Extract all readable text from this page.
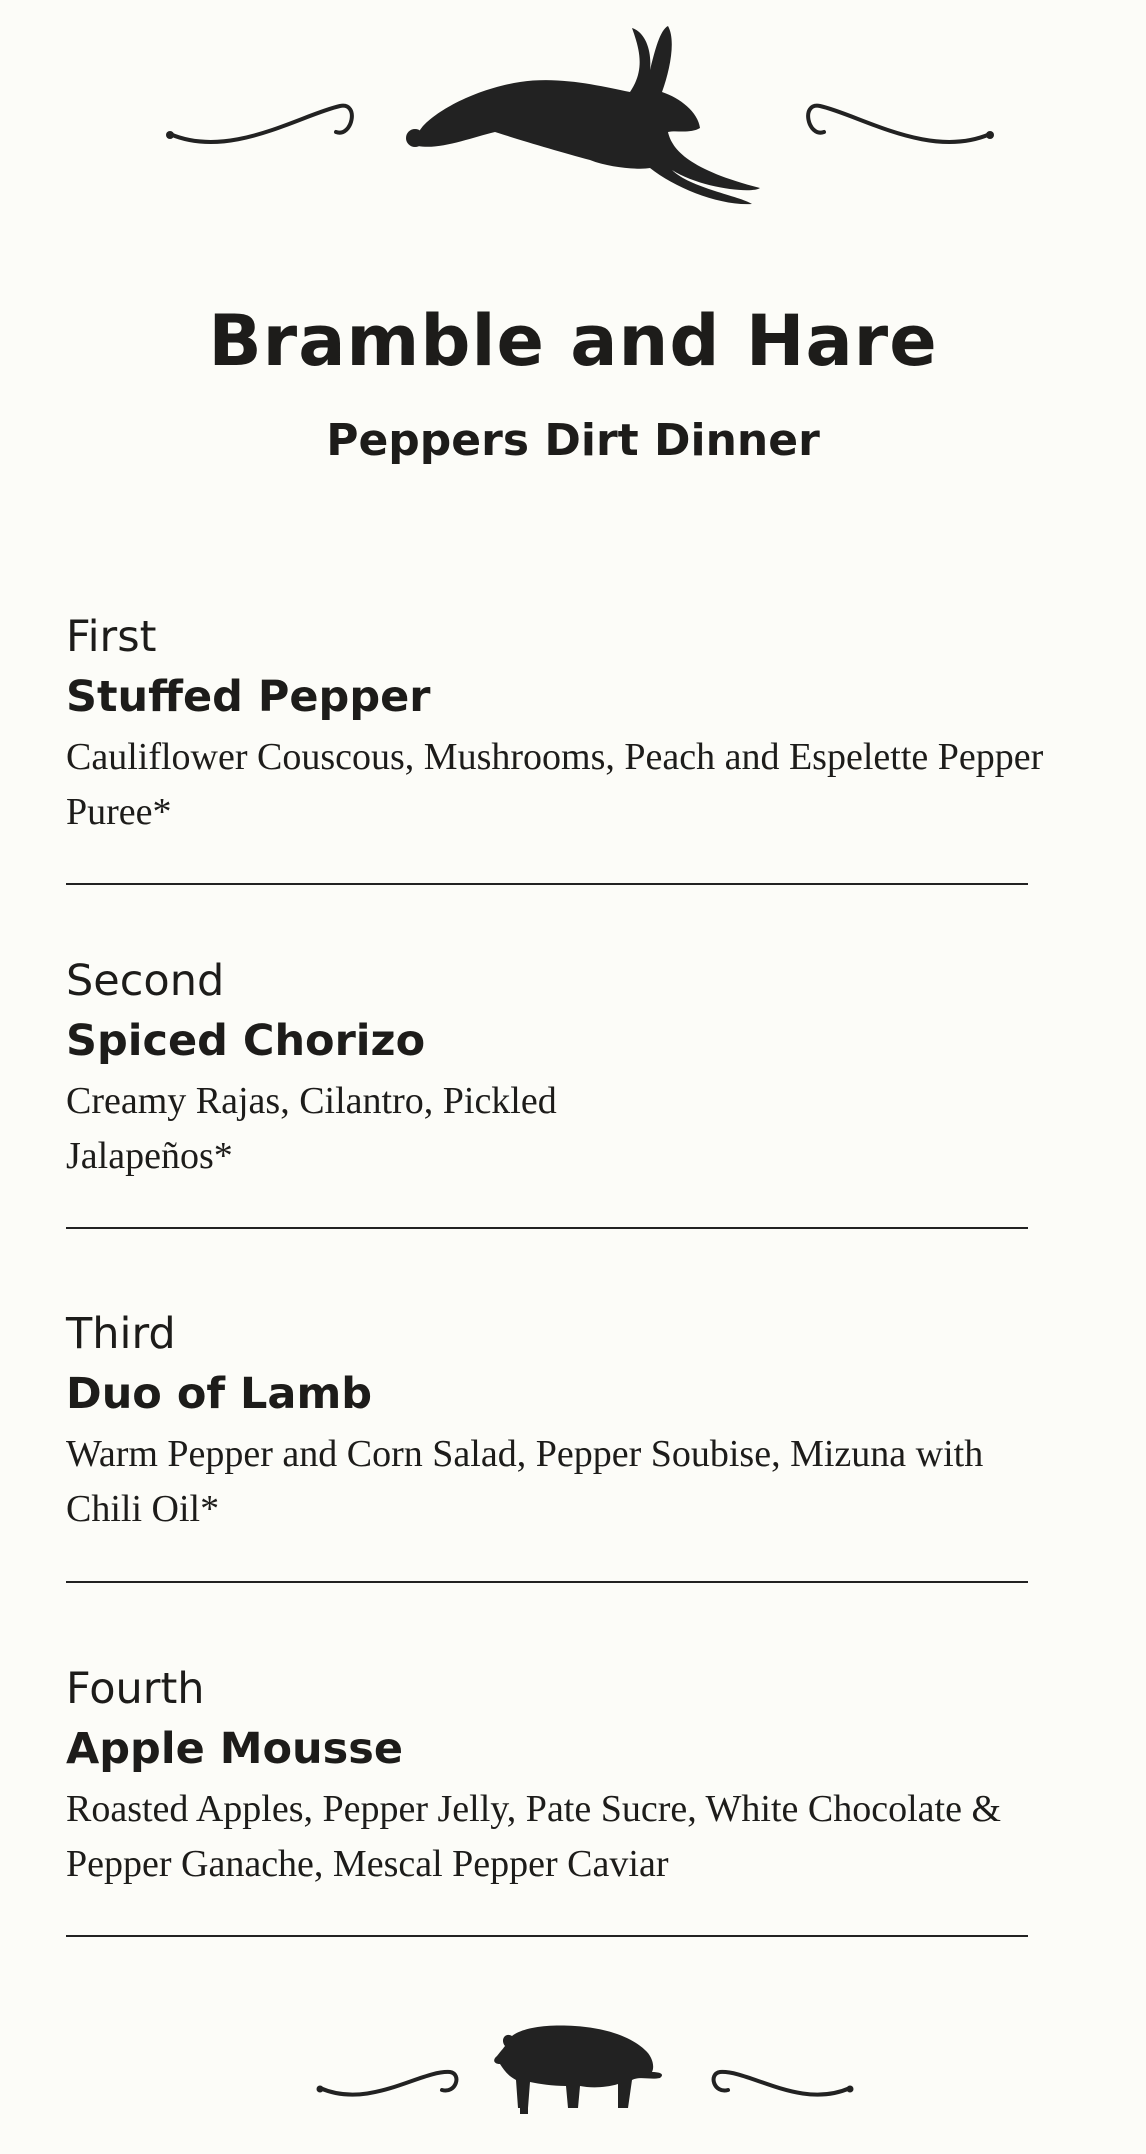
Bramble and Hare
Peppers Dirt Dinner
First
Stuffed Pepper
Cauliflower Couscous, Mushrooms, Peach and Espelette Pepper Puree*
Second
Spiced Chorizo
Creamy Rajas, Cilantro, Pickled Jalapeños*
Third
Duo of Lamb
Warm Pepper and Corn Salad, Pepper Soubise, Mizuna with Chili Oil*
Fourth
Apple Mousse
Roasted Apples, Pepper Jelly, Pate Sucre, White Chocolate & Pepper Ganache, Mescal Pepper Caviar
